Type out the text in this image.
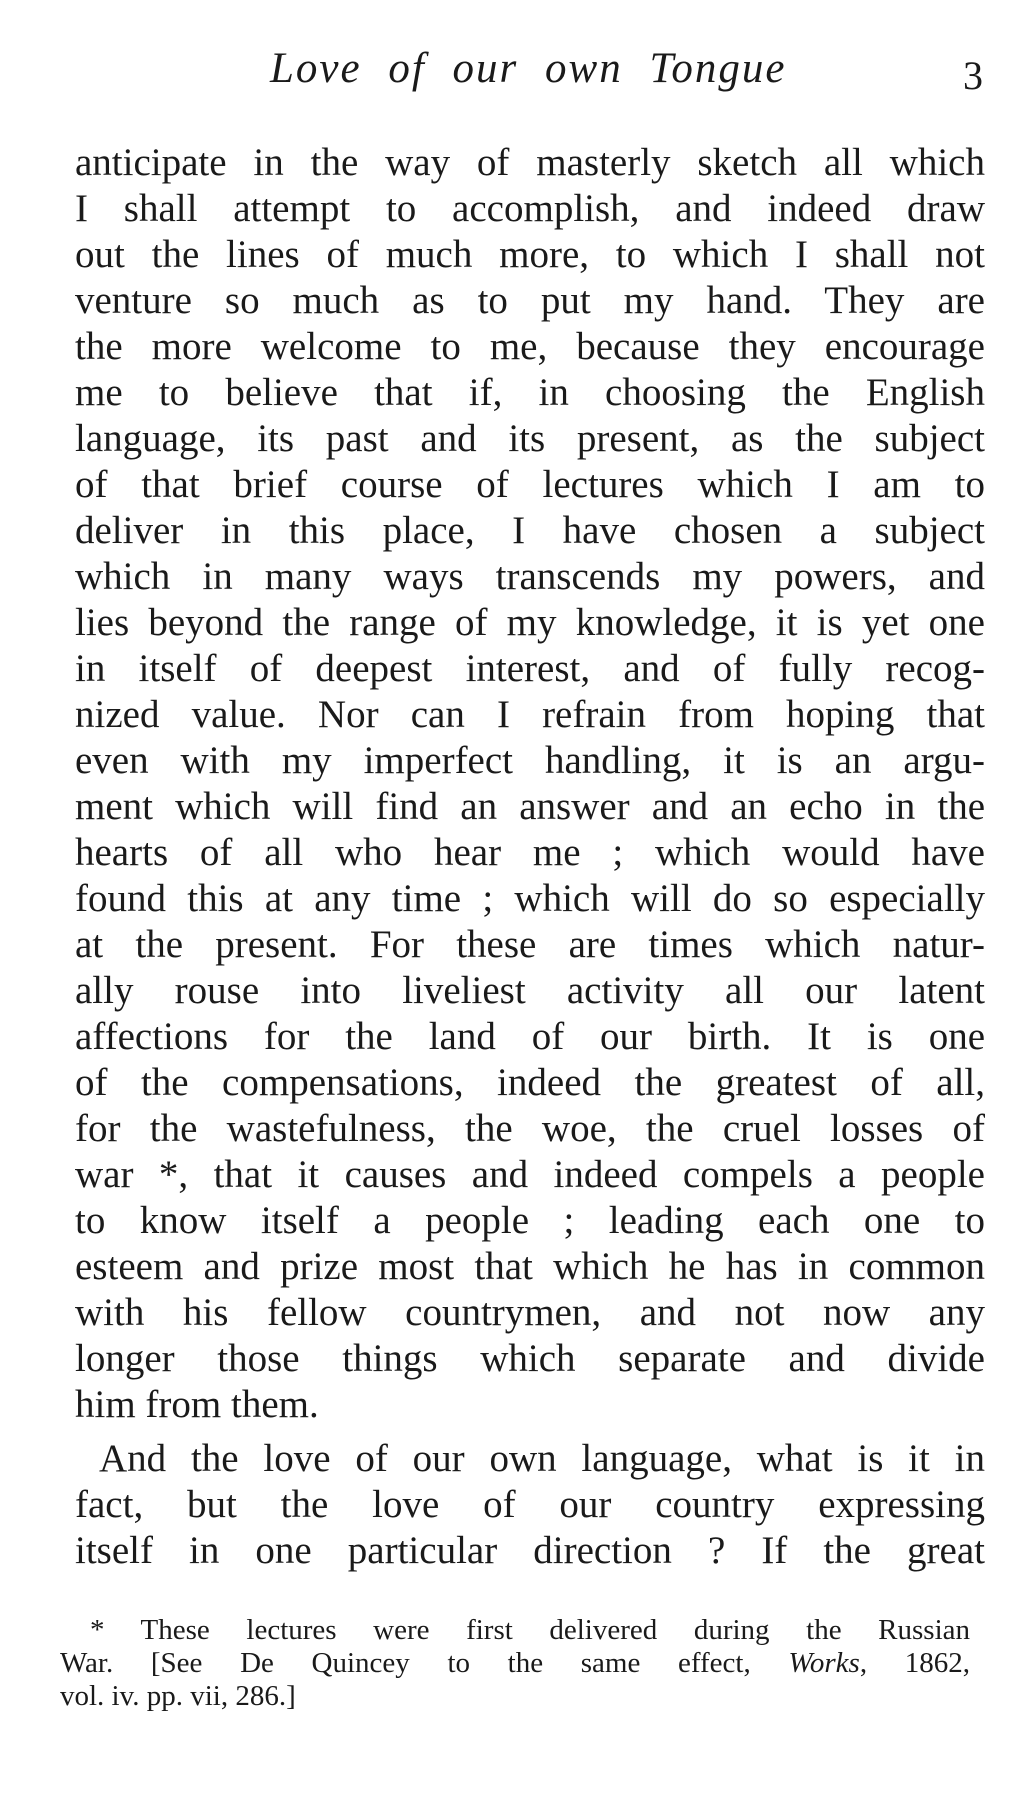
Love of our own Tongue	3
anticipate in the way of masterly sketch all which
I shall attempt to accomplish, and indeed draw
out the lines of much more, to which I shall not
venture so much as to put my hand. They are
the more welcome to me, because they encourage
me to believe that if, in choosing the English
language, its past and its present, as the subject
of that brief course of lectures which I am to
deliver in this place, I have chosen a subject
which in many ways transcends my powers, and
lies beyond the range of my knowledge, it is yet one
in itself of deepest interest, and of fully recog-
nized value. Nor can I refrain from hoping that
even with my imperfect handling, it is an argu-
ment which will find an answer and an echo in the
hearts of all who hear me ; which would have
found this at any time ; which will do so especially
at the present. For these are times which natur-
ally rouse into liveliest activity all our latent
affections for the land of our birth. It is one
of the compensations, indeed the greatest of all,
for the wastefulness, the woe, the cruel losses of
war *, that it causes and indeed compels a people
to know itself a people ; leading each one to
esteem and prize most that which he has in common
with his fellow countrymen, and not now any
longer those things which separate and divide
him from them.
And the love of our own language, what is it in
fact, but the love of our country expressing
itself in one particular direction ? If the great
* These lectures were first delivered during the Russian
War. [See De Quincey to the same effect, Works, 1862,
vol. iv. pp. vii, 286.]
